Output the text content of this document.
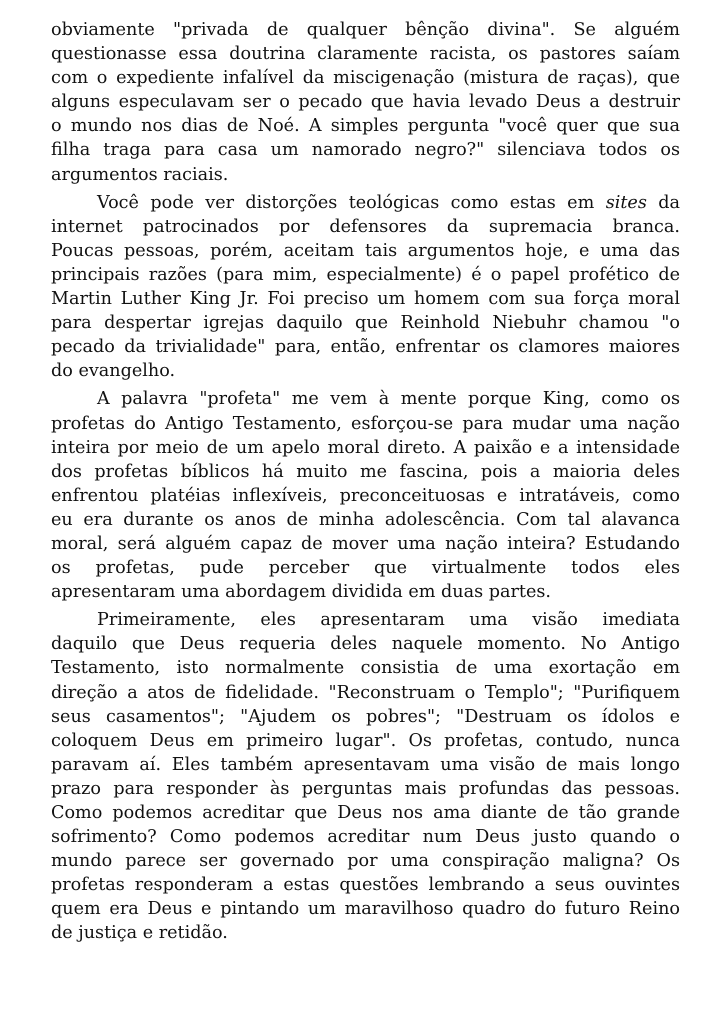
obviamente "privada de qualquer bênção divina". Se alguém
questionasse essa doutrina claramente racista, os pastores saíam
com o expediente infalível da miscigenação (mistura de raças), que
alguns especulavam ser o pecado que havia levado Deus a destruir
o mundo nos dias de Noé. A simples pergunta "você quer que sua
filha traga para casa um namorado negro?" silenciava todos os
argumentos raciais.
Você pode ver distorções teológicas como estas em sites da
internet patrocinados por defensores da supremacia branca.
Poucas pessoas, porém, aceitam tais argumentos hoje, e uma das
principais razões (para mim, especialmente) é o papel profético de
Martin Luther King Jr. Foi preciso um homem com sua força moral
para despertar igrejas daquilo que Reinhold Niebuhr chamou "o
pecado da trivialidade" para, então, enfrentar os clamores maiores
do evangelho.
A palavra "profeta" me vem à mente porque King, como os
profetas do Antigo Testamento, esforçou-se para mudar uma nação
inteira por meio de um apelo moral direto. A paixão e a intensidade
dos profetas bíblicos há muito me fascina, pois a maioria deles
enfrentou platéias inflexíveis, preconceituosas e intratáveis, como
eu era durante os anos de minha adolescência. Com tal alavanca
moral, será alguém capaz de mover uma nação inteira? Estudando
os profetas, pude perceber que virtualmente todos eles
apresentaram uma abordagem dividida em duas partes.
Primeiramente, eles apresentaram uma visão imediata
daquilo que Deus requeria deles naquele momento. No Antigo
Testamento, isto normalmente consistia de uma exortação em
direção a atos de fidelidade. "Reconstruam o Templo"; "Purifiquem
seus casamentos"; "Ajudem os pobres"; "Destruam os ídolos e
coloquem Deus em primeiro lugar". Os profetas, contudo, nunca
paravam aí. Eles também apresentavam uma visão de mais longo
prazo para responder às perguntas mais profundas das pessoas.
Como podemos acreditar que Deus nos ama diante de tão grande
sofrimento? Como podemos acreditar num Deus justo quando o
mundo parece ser governado por uma conspiração maligna? Os
profetas responderam a estas questões lembrando a seus ouvintes
quem era Deus e pintando um maravilhoso quadro do futuro Reino
de justiça e retidão.
